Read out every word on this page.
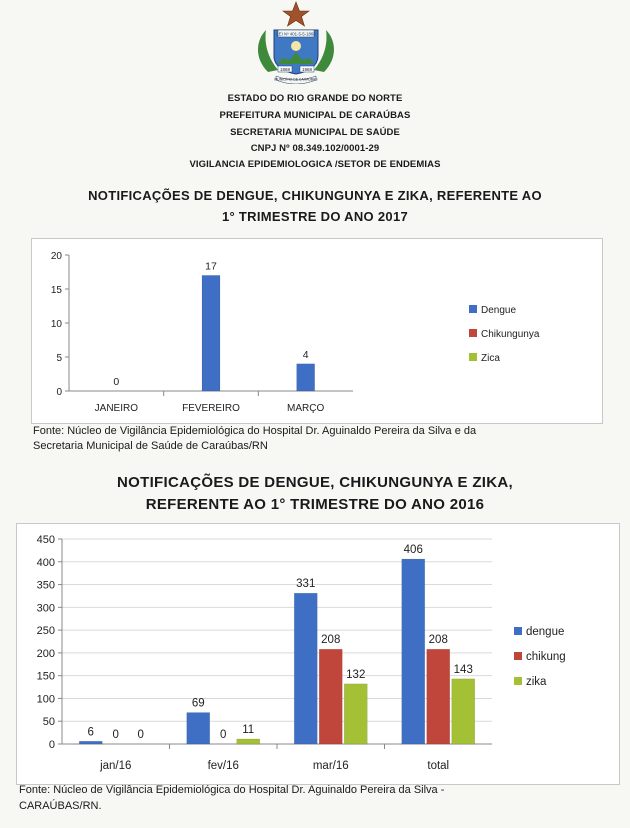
LEI Nº 401-5-5-1868
1868	1968
MUNICÍPIO DE CARAÚBAS
ESTADO DO RIO GRANDE DO NORTE
PREFEITURA MUNICIPAL DE CARAÚBAS
SECRETARIA MUNICIPAL DE SAÚDE
CNPJ Nº 08.349.102/0001-29
VIGILANCIA EPIDEMIOLOGICA /SETOR DE ENDEMIAS
NOTIFICAÇÕES DE DENGUE, CHIKUNGUNYA E ZIKA, REFERENTE AO
1° TRIMESTRE DO ANO 2017
0
5
10
15
20
JANEIRO
0
FEVEREIRO
17
MARÇO
4
Dengue
Chikungunya
Zica
Fonte: Núcleo de Vigilância Epidemiológica do Hospital Dr. Aguinaldo Pereira da Silva e da
Secretaria Municipal de Saúde de Caraúbas/RN
NOTIFICAÇÕES DE DENGUE, CHIKUNGUNYA E ZIKA,
REFERENTE AO 1° TRIMESTRE DO ANO 2016
0
50
100
150
200
250
300
350
400
450
jan/16
6 0 0
fev/16
69
0 11
mar/16
331
208
132
total
406
208
143
dengue
chikung
zika
Fonte: Núcleo de Vigilância Epidemiológica do Hospital Dr. Aguinaldo Pereira da Silva -
CARAÚBAS/RN.
